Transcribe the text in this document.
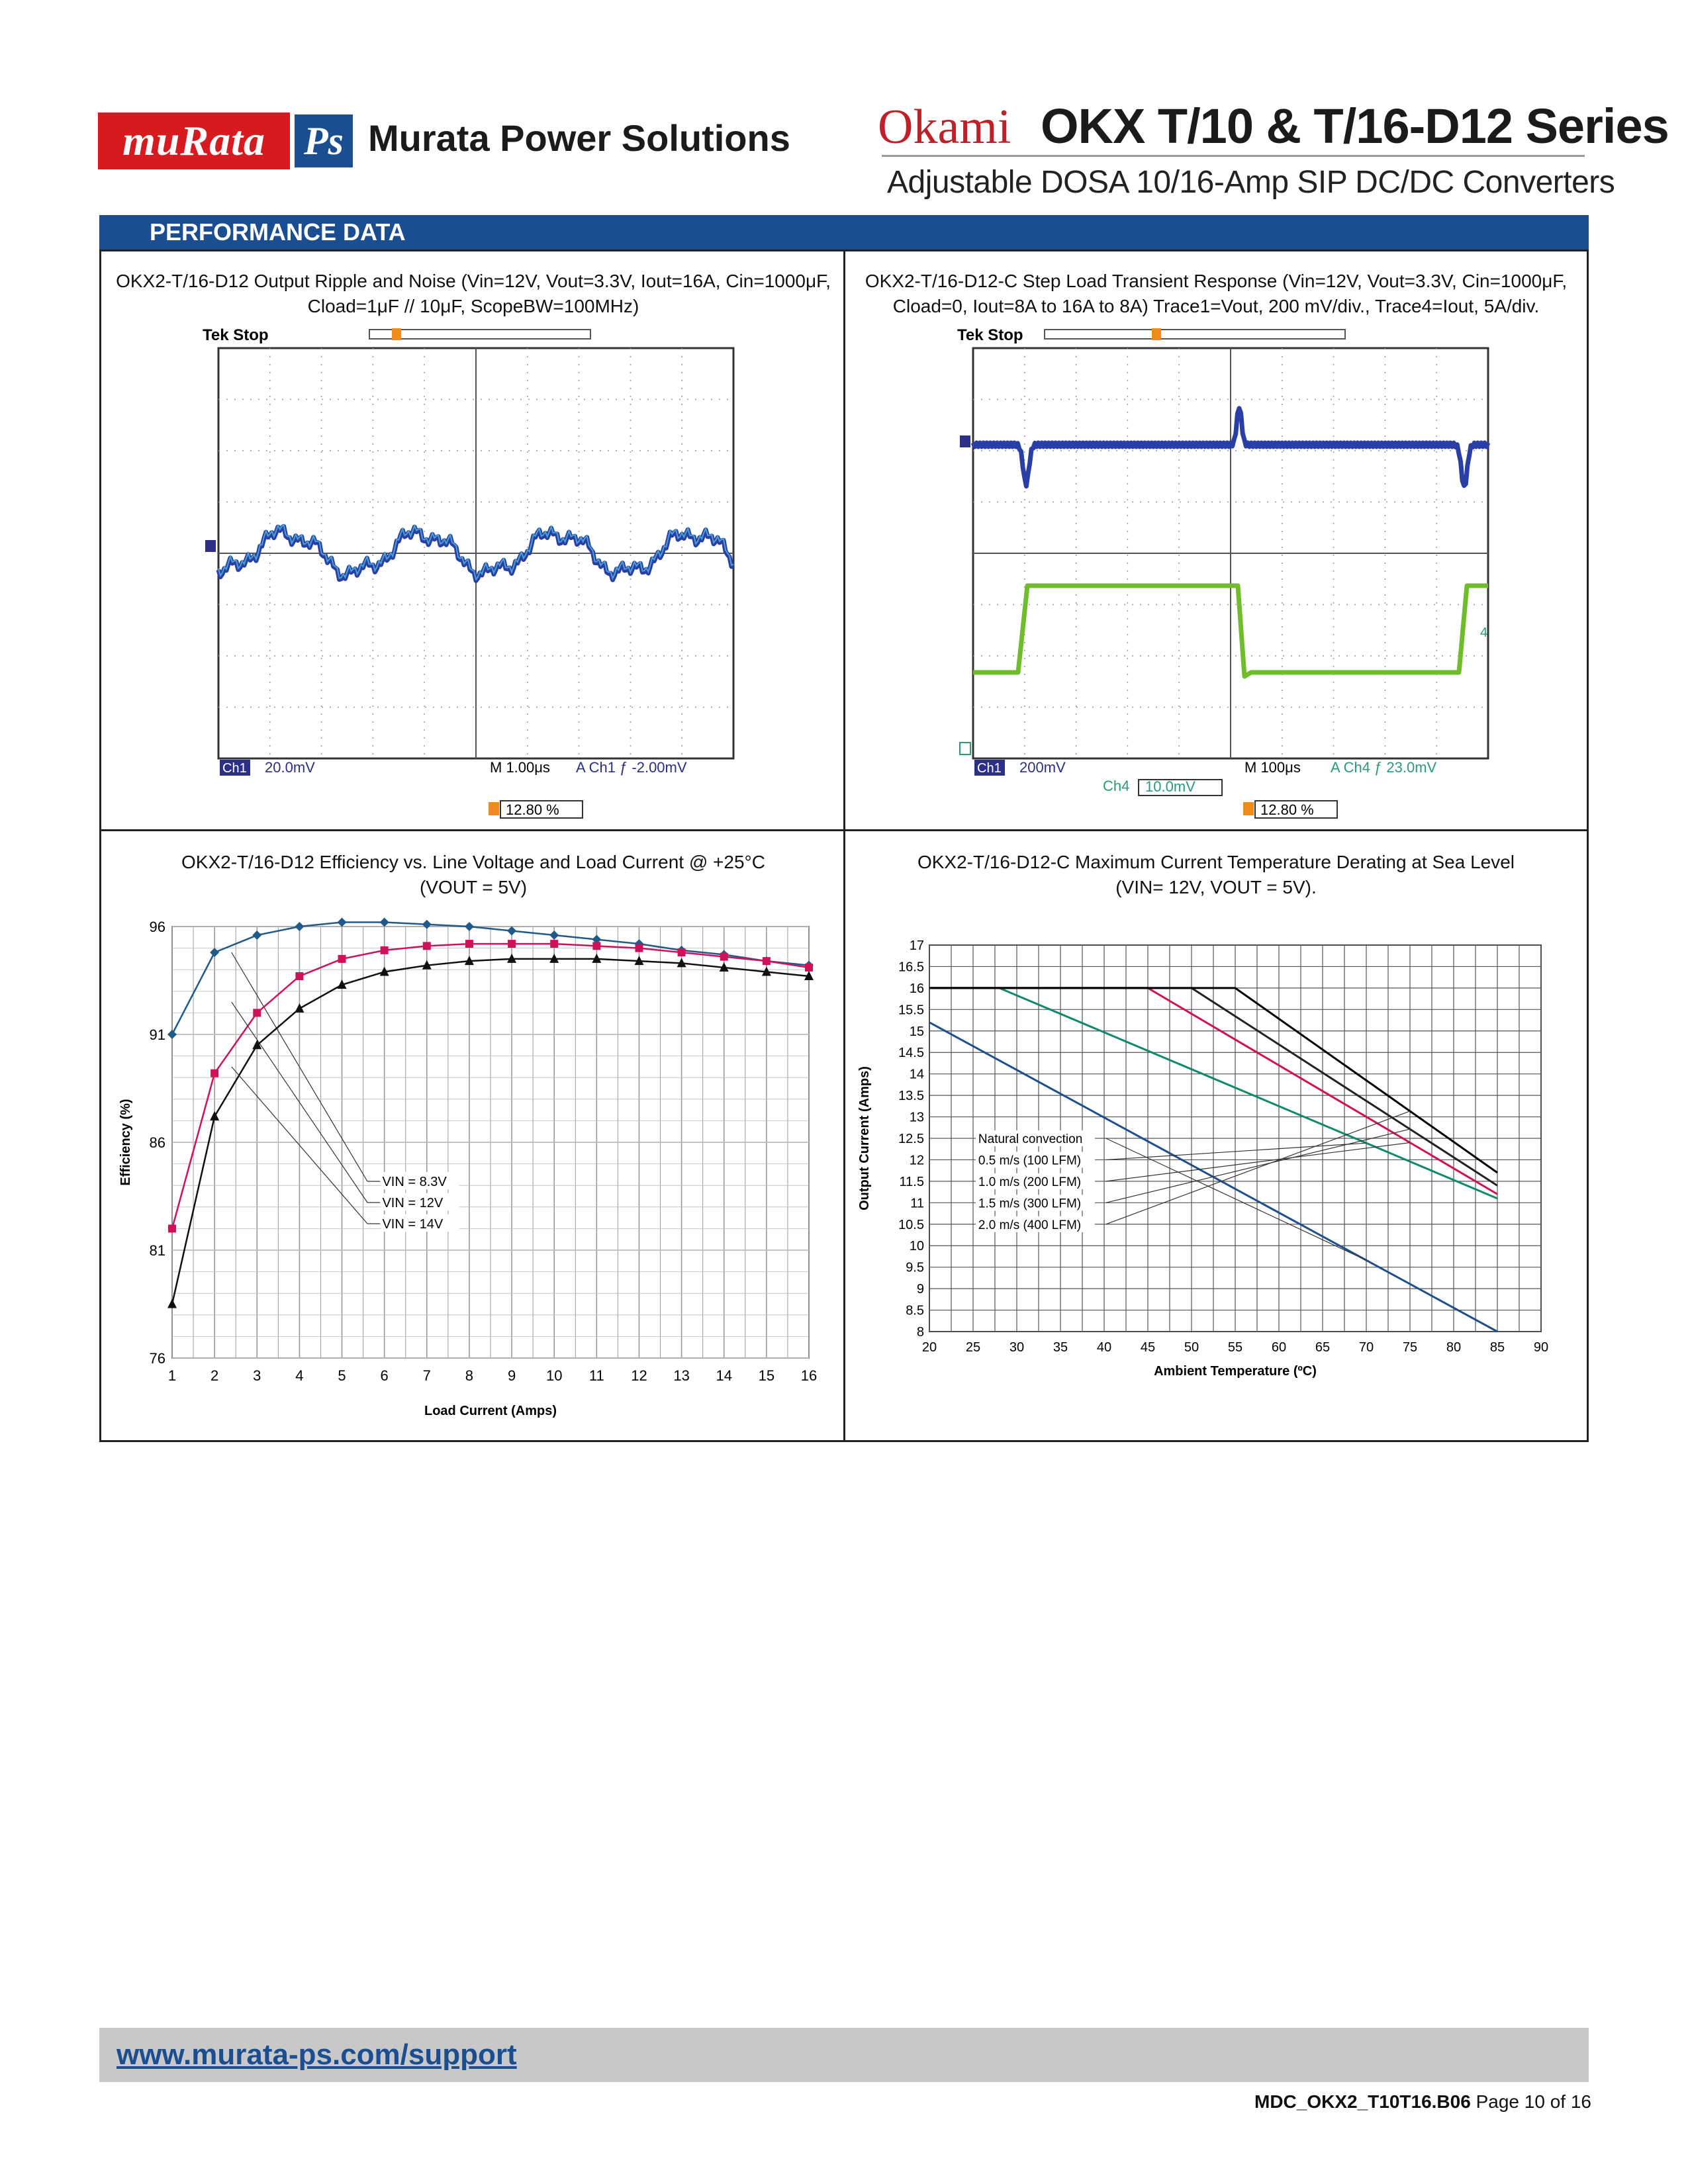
muRata Ps Murata Power Solutions Okami OKX T/10 & T/16-D12 Series
Adjustable DOSA 10/16-Amp SIP DC/DC Converters
PERFORMANCE DATA
OKX2-T/16-D12 Output Ripple and Noise (Vin=12V, Vout=3.3V, Iout=16A, Cin=1000μF,
Cload=1μF // 10μF, ScopeBW=100MHz)
OKX2-T/16-D12-C Step Load Transient Response (Vin=12V, Vout=3.3V, Cin=1000μF,
Cload=0, Iout=8A to 16A to 8A) Trace1=Vout, 200 mV/div., Trace4=Iout, 5A/div.
OKX2-T/16-D12 Efficiency vs. Line Voltage and Load Current @ +25°C
(VOUT = 5V)
OKX2-T/16-D12-C Maximum Current Temperature Derating at Sea Level
(VIN= 12V, VOUT = 5V).
Tek Stop
Ch1 20.0mV	M 1.00μs A Ch1 ƒ -2.00mV
12.80 %
Tek Stop
4
Ch1 200mV	M 100μs A Ch4 ƒ 23.0mV
Ch4 10.0mV
12.80 %
76
81
86
91
96
1 2 3 4 5 6 7 8 9 10 11 12 13 14 15 16
Load Current (Amps)
Efficiency (%)	VIN = 8.3V
VIN = 12V
VIN = 14V
8
8.5
9
9.5
10
10.5
11
11.5
12
12.5
13
13.5
14
14.5
15
15.5
16
16.5
17
20 25 30 35 40 45 50 55 60 65 70 75 80 85 90
Ambient Temperature (ºC)
Output Current (Amps)	Natural convection
0.5 m/s (100 LFM)
1.0 m/s (200 LFM)
1.5 m/s (300 LFM)
2.0 m/s (400 LFM)
www.murata-ps.com/support
MDC_OKX2_T10T16.B06 Page 10 of 16
